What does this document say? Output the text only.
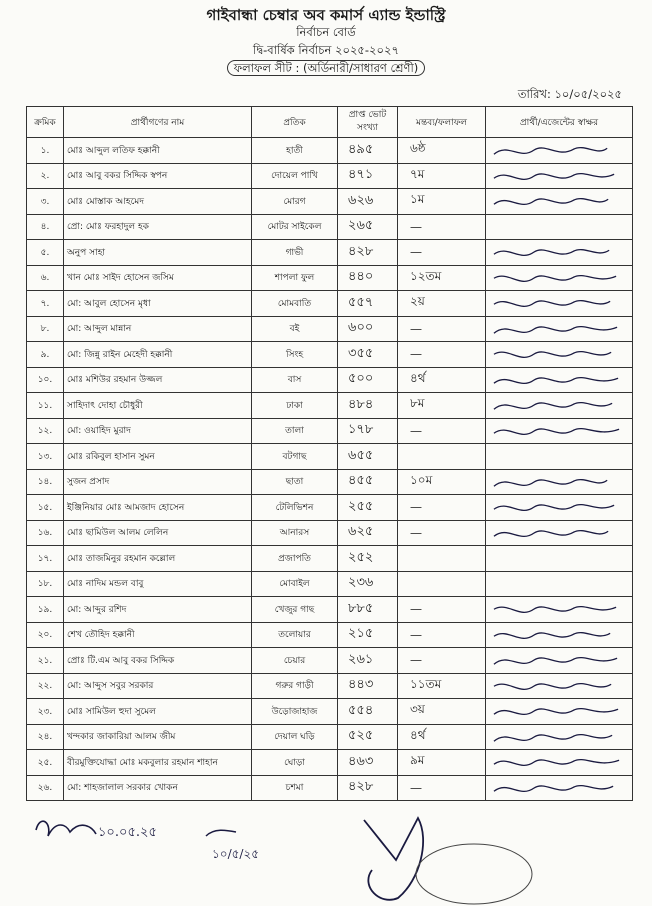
গাইবান্ধা চেম্বার অব কমার্স এ্যান্ড ইন্ডাস্ট্রি
নির্বাচন বোর্ড
দ্বি-বার্ষিক নির্বাচন ২০২৫-২০২৭
ফলাফল সীট : (অর্ডিনারী/সাধারণ শ্রেণী)
তারিখ: ১০/০৫/২০২৫
ক্রমিক	প্রার্থীগণের নাম	প্রতিক	প্রাপ্ত ভোট সংখ্যা	মন্তব্য/ফলাফল	প্রার্থী/এজেন্টের স্বাক্ষর
১.	মোঃ আব্দুল লতিফ হক্কানী	হাতী	৪৯৫	৬ষ্ঠ	

২.	মোঃ আবু বকর সিদ্দিক স্বপন	দোয়েল পাখি	৪৭১	৭ম	

৩.	মোঃ মোস্তাক আহমেদ	মোরগ	৬২৬	১ম	

৪.	প্রো: মোঃ ফরহাদুল হক	মোটর সাইকেল	২৬৫	—	
৫.	অনুপ সাহা	গাভী	৪২৮	—	

৬.	খান মোঃ সাইদ হোসেন জসিম	শাপলা ফুল	৪৪০	১২তম	

৭.	মো: আবুল হোসেন মৃধা	মোমবাতি	৫৫৭	২য়	

৮.	মো: আব্দুল মান্নান	বই	৬০০	—	

৯.	মো: জিন্নু রাইন মেহেদী হক্কানী	সিংহ	৩৫৫	—	

১০.	মোঃ মশিউর রহমান উজ্জল	বাস	৫০০	৪র্থ	

১১.	সাহিদাৎ দোহা চৌধুরী	ঢাকা	৪৮৪	৮ম	

১২.	মো: ওয়াহিদ মুরাদ	তালা	১৭৮	—	

১৩.	মোঃ রকিবুল হাসান সুমন	বটগাছ	৬৫৫		
১৪.	সুজন প্রসাদ	ছাতা	৪৫৫	১০ম	

১৫.	ইঞ্জিনিয়ার মোঃ আমজাদ হোসেন	টেলিভিশন	২৫৫	—	

১৬.	মোঃ ছামিউল আলম লেলিন	আনারস	৬২৫	—	

১৭.	মোঃ তাজমিনুর রহমান কল্লোল	প্রজাপতি	২৫২		
১৮.	মোঃ নাদিম মন্ডল বাবু	মোবাইল	২৩৬		
১৯.	মো: আব্দুর রশিদ	খেজুর গাছ	৮৮৫	—	

২০.	শেখ তৌহিদ হক্কানী	তলোয়ার	২১৫	—	

২১.	প্রোঃ টি.এম আবু বকর সিদ্দিক	চেয়ার	২৬১	—	

২২.	মো: আব্দুস সবুর সরকার	গরুর গাড়ী	৪৪৩	১১তম	

২৩.	মোঃ সামিউল হুদা সুমেল	উড়োজাহাজ	৫৫৪	৩য়	

২৪.	খন্দকার জাকারিয়া আলম জীম	দেয়াল ঘড়ি	৫২৫	৪র্থ	

২৫.	বীরমুক্তিযোদ্ধা মোঃ মকবুলার রহমান শাহান	ঘোড়া	৪৬৩	৯ম	

২৬.	মো: শাহজালাল সরকার খোকন	চশমা	৪২৮	—	
১০.০৫.২৫
১০/৫/২৫
